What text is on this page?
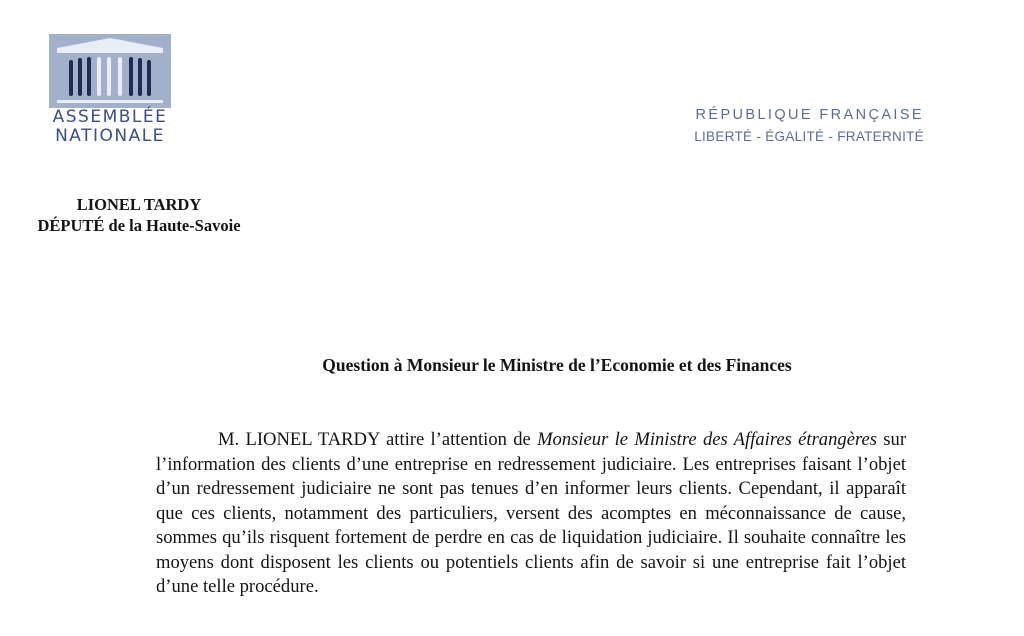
ASSEMBLÉE
NATIONALE
RÉPUBLIQUE FRANÇAISE
LIBERTÉ - ÉGALITÉ - FRATERNITÉ
LIONEL TARDY
DÉPUTÉ de la Haute-Savoie
Question à Monsieur le Ministre de l’Economie et des Finances

M. LIONEL TARDY attire l’attention de Monsieur le Ministre des Affaires étrangères sur l’information des clients d’une entreprise en redressement judiciaire. Les entreprises faisant l’objet d’un redressement judiciaire ne sont pas tenues d’en informer leurs clients. Cependant, il apparaît que ces clients, notamment des particuliers, versent des acomptes en méconnaissance de cause, sommes qu’ils risquent fortement de perdre en cas de liquidation judiciaire. Il souhaite connaître les moyens dont disposent les clients ou potentiels clients afin de savoir si une entreprise fait l’objet d’une telle procédure.
